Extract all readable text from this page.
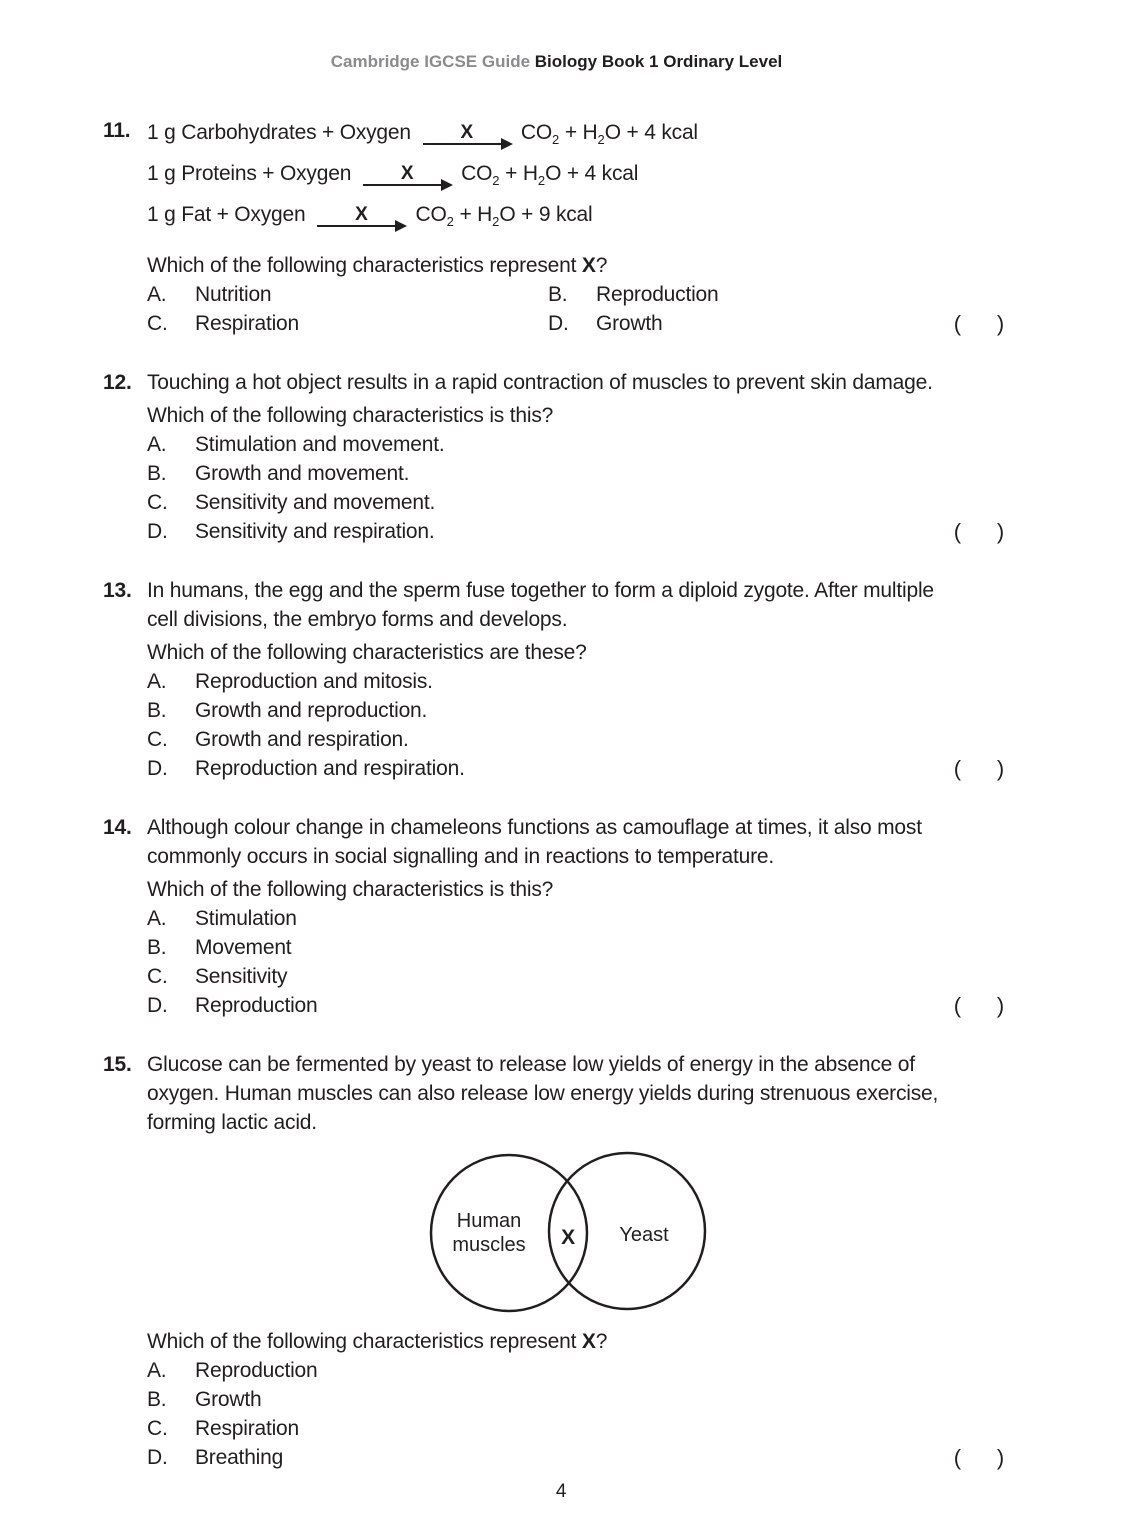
Cambridge IGCSE Guide Biology Book 1 Ordinary Level
11. 1 g Carbohydrates + Oxygen	X $CO_2 + H_2O + 4$ kcal
1 g Proteins + Oxygen	X $CO_2 + H_2O + 4$ kcal
1 g Fat + Oxygen	X $CO_2 + H_2O + 9$ kcal
Which of the following characteristics represent X?
A.	Nutrition	B.	Reproduction
C.	Respiration	D.	Growth	( )
12. Touching a hot object results in a rapid contraction of muscles to prevent skin damage.
Which of the following characteristics is this?
A.	Stimulation and movement.
B.	Growth and movement.
C.	Sensitivity and movement.
D.	Sensitivity and respiration.	( )
13. In humans, the egg and the sperm fuse together to form a diploid zygote. After multiple
cell divisions, the embryo forms and develops.
Which of the following characteristics are these?
A.	Reproduction and mitosis.
B.	Growth and reproduction.
C.	Growth and respiration.
D.	Reproduction and respiration.	( )
14. Although colour change in chameleons functions as camouflage at times, it also most
commonly occurs in social signalling and in reactions to temperature.
Which of the following characteristics is this?
A.	Stimulation
B.	Movement
C.	Sensitivity
D.	Reproduction	( )
15. Glucose can be fermented by yeast to release low yields of energy in the absence of
oxygen. Human muscles can also release low energy yields during strenuous exercise,
forming lactic acid.
Human
muscles X Yeast
Which of the following characteristics represent X?
A.	Reproduction
B.	Growth
C.	Respiration
D.	Breathing	( )
4
